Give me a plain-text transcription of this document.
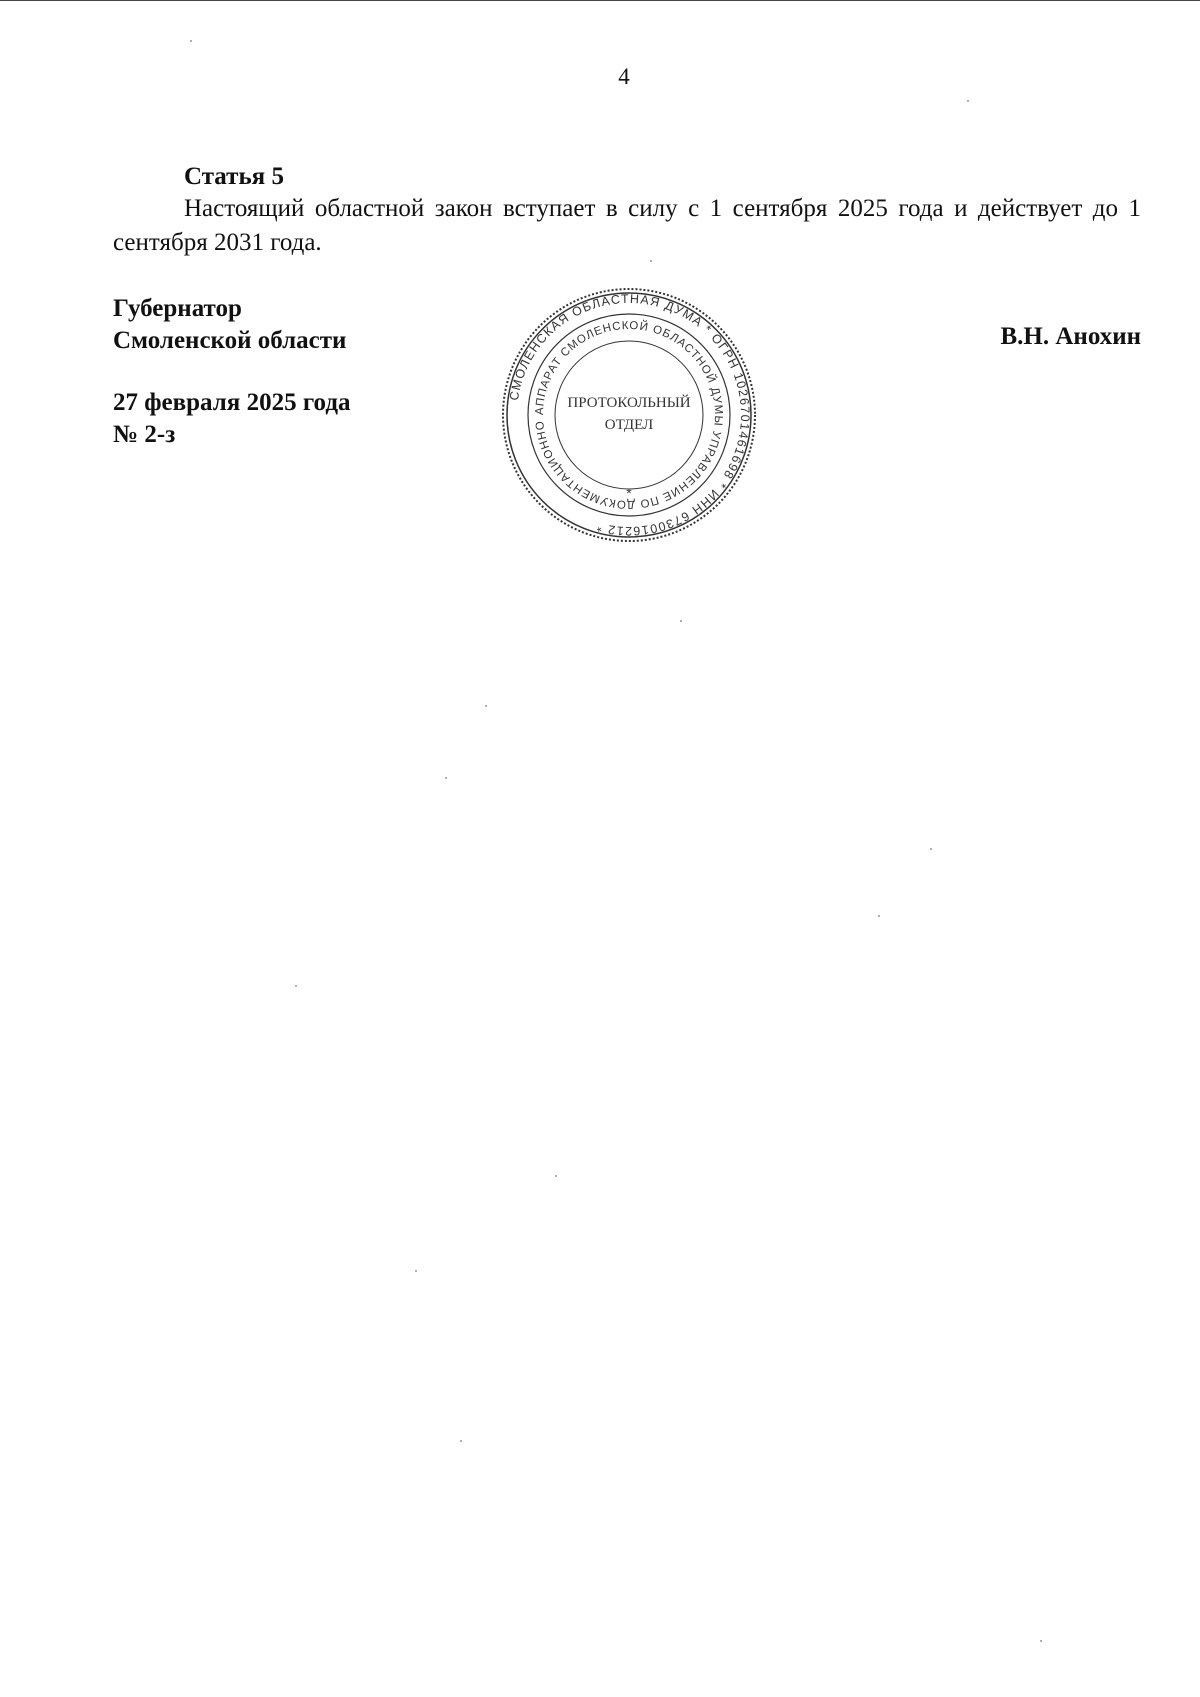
4
Статья 5

Настоящий областной закон вступает в силу с 1 сентября 2025 года и действует до 1 сентября 2031 года.

Губернатор
Смоленской области
27 февраля 2025 года
№ 2-з
В.Н. Анохин
СМОЛЕНСКАЯ ОБЛАСТНАЯ ДУМА * ОГРН 1026701461698 * ИНН 6730016212 *
АППАРАТ СМОЛЕНСКОЙ ОБЛАСТНОЙ ДУМЫ УПРАВЛЕНИЕ ПО ДОКУМЕНТАЦИОННО
*
ПРОТОКОЛЬНЫЙ
ОТДЕЛ
